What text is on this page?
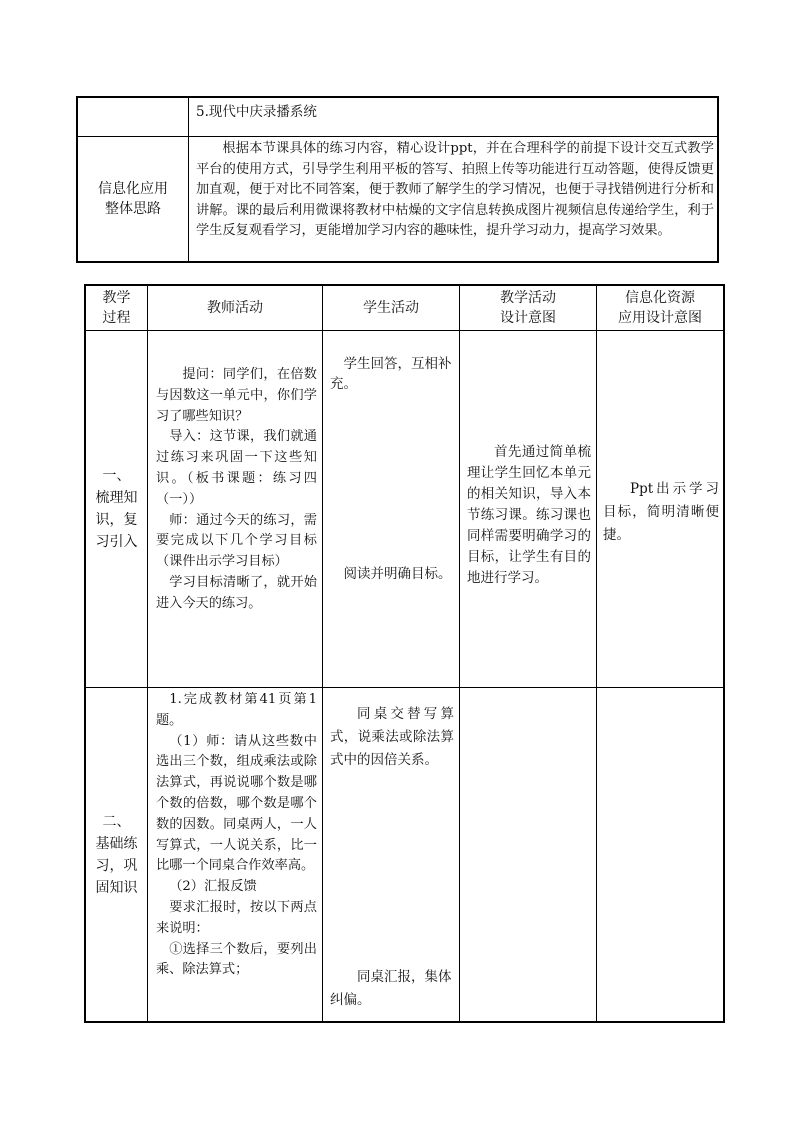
5.现代中庆录播系统
信息化应用
整体思路
根据本节课具体的练习内容，精心设计ppt，并在合理科学的前提下设计交互式教学平台的使用方式，引导学生利用平板的答写、拍照上传等功能进行互动答题，使得反馈更加直观，便于对比不同答案，便于教师了解学生的学习情况，也便于寻找错例进行分析和讲解。课的最后利用微课将教材中枯燥的文字信息转换成图片视频信息传递给学生，利于学生反复观看学习，更能增加学习内容的趣味性，提升学习动力，提高学习效果。
教学
过程
教师活动	学生活动
教学活动
设计意图
信息化资源
应用设计意图
一、
梳理知
识，复
习引入
提问：同学们，在倍数与因数这一单元中，你们学习了哪些知识？
导入：这节课，我们就通过练习来巩固一下这些知识。（板书课题：练习四（一））
师：通过今天的练习，需要完成以下几个学习目标（课件出示学习目标）
学习目标清晰了，就开始进入今天的练习。
学生回答，互相补充。
阅读并明确目标。
首先通过简单梳理让学生回忆本单元的相关知识，导入本节练习课。练习课也同样需要明确学习的目标，让学生有目的地进行学习。
Ppt出示学习目标，简明清晰便捷。
二、
基础练
习，巩
固知识
1.完成教材第41页第1题。
（1）师：请从这些数中选出三个数，组成乘法或除法算式，再说说哪个数是哪个数的倍数，哪个数是哪个数的因数。同桌两人，一人写算式，一人说关系，比一比哪一个同桌合作效率高。
（2）汇报反馈
要求汇报时，按以下两点来说明：
①选择三个数后，要列出乘、除法算式；
同桌交替写算式，说乘法或除法算式中的因倍关系。
同桌汇报，集体纠偏。
